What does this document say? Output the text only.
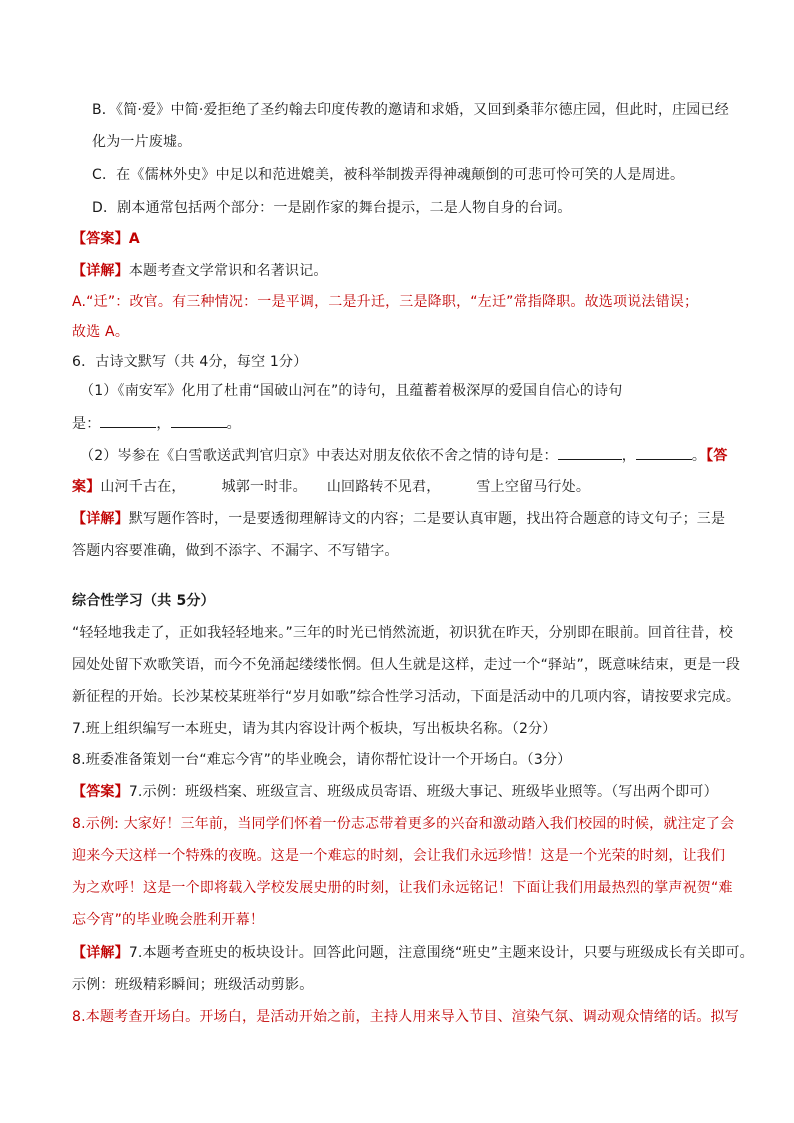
B．《简·爱》中简·爱拒绝了圣约翰去印度传教的邀请和求婚，又回到桑菲尔德庄园，但此时，庄园已经
化为一片废墟。
C．在《儒林外史》中足以和范进媲美，被科举制拨弄得神魂颠倒的可悲可怜可笑的人是周进。
D．剧本通常包括两个部分：一是剧作家的舞台提示，二是人物自身的台词。
【答案】A
【详解】本题考查文学常识和名著识记。
A.“迁”：改官。有三种情况：一是平调，二是升迁，三是降职，“左迁”常指降职。故选项说法错误；
故选 A。
6．古诗文默写（共 4分，每空 1分）
（1）《南安军》化用了杜甫“国破山河在”的诗句，且蕴蓄着极深厚的爱国自信心的诗句
是：	，	。
（2）岑参在《白雪歌送武判官归京》中表达对朋友依依不舍之情的诗句是：	，	。【答
案】山河千古在，	城郭一时非。 山回路转不见君，	雪上空留马行处。
【详解】默写题作答时，一是要透彻理解诗文的内容；二是要认真审题，找出符合题意的诗文句子；三是
答题内容要准确，做到不添字、不漏字、不写错字。
综合性学习（共 5分）
“轻轻地我走了，正如我轻轻地来。”三年的时光已悄然流逝，初识犹在昨天，分别即在眼前。回首往昔，校
园处处留下欢歌笑语，而今不免涌起缕缕怅惘。但人生就是这样，走过一个“驿站”，既意味结束，更是一段
新征程的开始。长沙某校某班举行“岁月如歌”综合性学习活动，下面是活动中的几项内容，请按要求完成。
7.班上组织编写一本班史，请为其内容设计两个板块，写出板块名称。（2分）
8.班委准备策划一台“难忘今宵”的毕业晚会，请你帮忙设计一个开场白。（3分）
【答案】7.示例：班级档案、班级宣言、班级成员寄语、班级大事记、班级毕业照等。（写出两个即可）
8.示例: 大家好！三年前，当同学们怀着一份志忑带着更多的兴奋和激动踏入我们校园的时候，就注定了会
迎来今天这样一个特殊的夜晚。这是一个难忘的时刻，会让我们永远珍惜！这是一个光荣的时刻，让我们
为之欢呼！这是一个即将载入学校发展史册的时刻，让我们永远铭记！下面让我们用最热烈的掌声祝贺“难
忘今宵”的毕业晚会胜利开幕！
【详解】7.本题考查班史的板块设计。回答此问题，注意围绕“班史”主题来设计，只要与班级成长有关即可。
示例：班级精彩瞬间；班级活动剪影。
8.本题考查开场白。开场白，是活动开始之前，主持人用来导入节目、渲染气氛、调动观众情绪的话。拟写
